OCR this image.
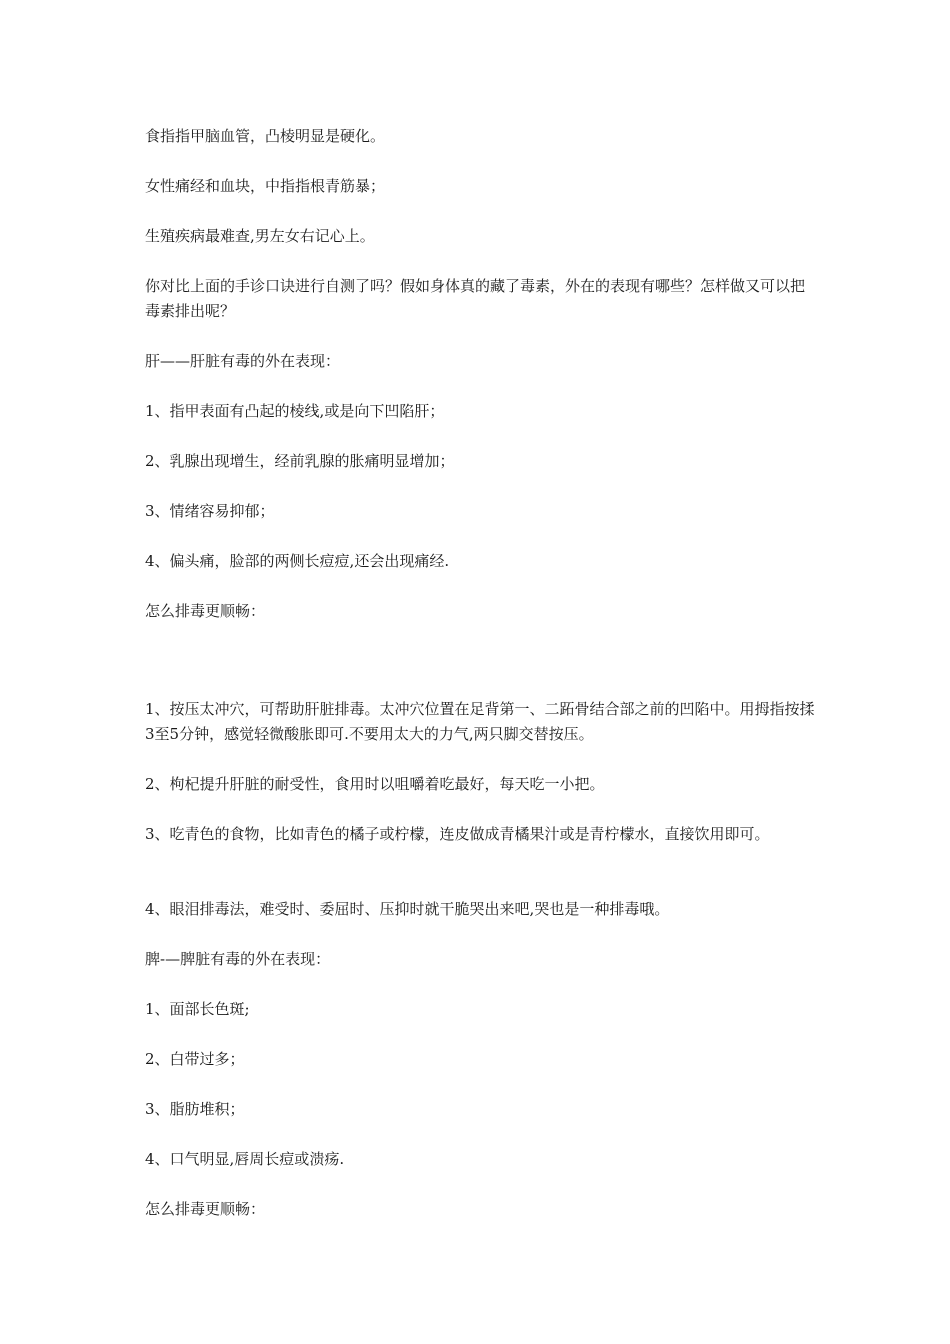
食指指甲脑血管，凸棱明显是硬化。

女性痛经和血块，中指指根青筋暴；

生殖疾病最难查,男左女右记心上。

你对比上面的手诊口诀进行自测了吗？假如身体真的藏了毒素，外在的表现有哪些？怎样做又可以把毒素排出呢？

肝——肝脏有毒的外在表现：

1、指甲表面有凸起的棱线,或是向下凹陷肝；

2、乳腺出现增生，经前乳腺的胀痛明显增加；

3、情绪容易抑郁；

4、偏头痛，脸部的两侧长痘痘,还会出现痛经.

怎么排毒更顺畅：

1、按压太冲穴，可帮助肝脏排毒。太冲穴位置在足背第一、二跖骨结合部之前的凹陷中。用拇指按揉3至5分钟，感觉轻微酸胀即可.不要用太大的力气,两只脚交替按压。

2、枸杞提升肝脏的耐受性，食用时以咀嚼着吃最好，每天吃一小把。

3、吃青色的食物，比如青色的橘子或柠檬，连皮做成青橘果汁或是青柠檬水，直接饮用即可。

4、眼泪排毒法，难受时、委屈时、压抑时就干脆哭出来吧,哭也是一种排毒哦。

脾-—脾脏有毒的外在表现：

1、面部长色斑;

2、白带过多；

3、脂肪堆积；

4、口气明显,唇周长痘或溃疡.

怎么排毒更顺畅：
